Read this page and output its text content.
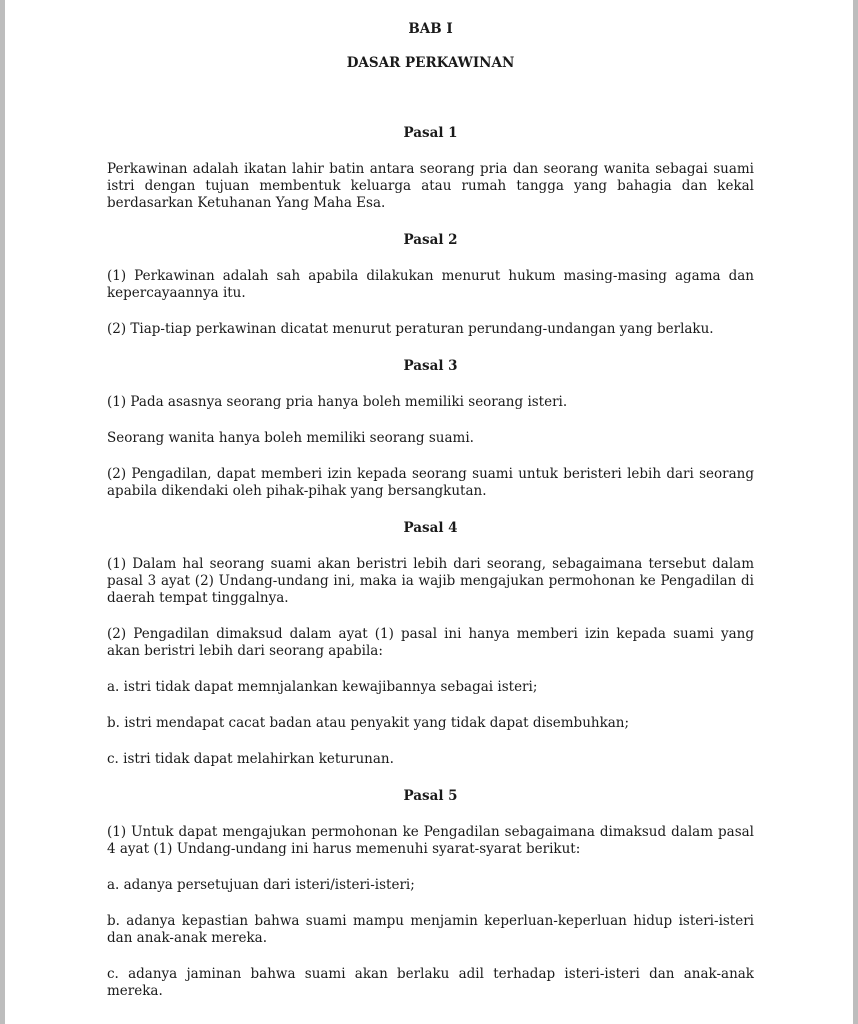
BAB I

DASAR PERKAWINAN

Pasal 1

Perkawinan adalah ikatan lahir batin antara seorang pria dan seorang wanita sebagai suami istri dengan tujuan membentuk keluarga atau rumah tangga yang bahagia dan kekal berdasarkan Ketuhanan Yang Maha Esa.

Pasal 2

(1) Perkawinan adalah sah apabila dilakukan menurut hukum masing-masing agama dan kepercayaannya itu.

(2) Tiap-tiap perkawinan dicatat menurut peraturan perundang-undangan yang berlaku.

Pasal 3

(1) Pada asasnya seorang pria hanya boleh memiliki seorang isteri.

Seorang wanita hanya boleh memiliki seorang suami.

(2) Pengadilan, dapat memberi izin kepada seorang suami untuk beristeri lebih dari seorang apabila dikendaki oleh pihak-pihak yang bersangkutan.

Pasal 4

(1) Dalam hal seorang suami akan beristri lebih dari seorang, sebagaimana tersebut dalam pasal 3 ayat (2) Undang-undang ini, maka ia wajib mengajukan permohonan ke Pengadilan di daerah tempat tinggalnya.

(2) Pengadilan dimaksud dalam ayat (1) pasal ini hanya memberi izin kepada suami yang akan beristri lebih dari seorang apabila:

a. istri tidak dapat memnjalankan kewajibannya sebagai isteri;

b. istri mendapat cacat badan atau penyakit yang tidak dapat disembuhkan;

c. istri tidak dapat melahirkan keturunan.

Pasal 5

(1) Untuk dapat mengajukan permohonan ke Pengadilan sebagaimana dimaksud dalam pasal 4 ayat (1) Undang-undang ini harus memenuhi syarat-syarat berikut:

a. adanya persetujuan dari isteri/isteri-isteri;

b. adanya kepastian bahwa suami mampu menjamin keperluan-keperluan hidup isteri-isteri dan anak-anak mereka.

c. adanya jaminan bahwa suami akan berlaku adil terhadap isteri-isteri dan anak-anak mereka.
